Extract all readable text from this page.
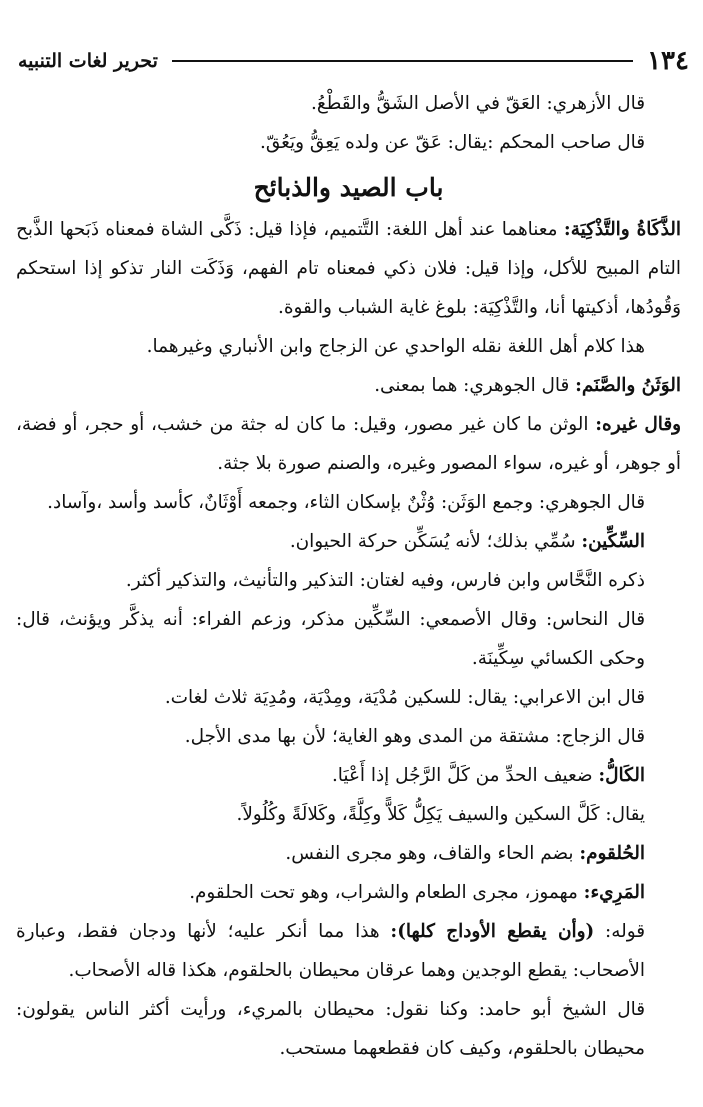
تحرير لغات التنبيه	١٣٤

قال الأزهري: العَقّ في الأصل الشَقُّ والقَطْعُ.

قال صاحب المحكم :يقال: عَقّ عن ولده يَعِقُّ ويَعُقّ.

باب الصيد والذبائح

الذَّكَاةُ والتَّذْكِيَة: معناهما عند أهل اللغة: التَّتميم، فإذا قيل: ذَكَّى الشاة فمعناه ذَبَحها الذَّبح التام المبيح للأكل، وإذا قيل: فلان ذكي فمعناه تام الفهم، وَذَكَت النار تذكو إذا استحكم وَقُودُها، أذكيتها أنا، والتَّذْكِيَة: بلوغ غاية الشباب والقوة.

هذا كلام أهل اللغة نقله الواحدي عن الزجاج وابن الأنباري وغيرهما.

الوَثَنُ والصَّنَم: قال الجوهري: هما بمعنى.

وقال غيره: الوثن ما كان غير مصور، وقيل: ما كان له جثة من خشب، أو حجر، أو فضة، أو جوهر، أو غيره، سواء المصور وغيره، والصنم صورة بلا جثة.

قال الجوهري: وجمع الوَثَن: وُثْنٌ بإسكان الثاء، وجمعه أَوْثَانٌ، كأسد وأسد ،وآساد.

السِّكِّين: سُمِّي بذلك؛ لأنه يُسَكِّن حركة الحيوان.

ذكره النَّحَّاس وابن فارس، وفيه لغتان: التذكير والتأنيث، والتذكير أكثر.

قال النحاس: وقال الأصمعي: السِّكِّين مذكر، وزعم الفراء: أنه يذكَّر ويؤنث، قال: وحكى الكسائي سِكِّينَة.

قال ابن الاعرابي: يقال: للسكين مُدْيَة، ومِدْيَة، ومُدِيَة ثلاث لغات.

قال الزجاج: مشتقة من المدى وهو الغاية؛ لأن بها مدى الأجل.

الكَالُّ: ضعيف الحدِّ من كَلَّ الرَّجُل إذا أَعْيَا.

يقال: كَلَّ السكين والسيف يَكِلُّ كَلاًّ وكِلَّةً، وكَلالَةً وكُلُولاً.

الحُلقوم: بضم الحاء والقاف، وهو مجرى النفس.

المَرِيء: مهموز، مجرى الطعام والشراب، وهو تحت الحلقوم.

قوله: (وأن يقطع الأوداج كلها): هذا مما أنكر عليه؛ لأنها ودجان فقط، وعبارة الأصحاب: يقطع الوجدين وهما عرقان محيطان بالحلقوم، هكذا قاله الأصحاب.

قال الشيخ أبو حامد: وكنا نقول: محيطان بالمريء، ورأيت أكثر الناس يقولون: محيطان بالحلقوم، وكيف كان فقطعهما مستحب.
